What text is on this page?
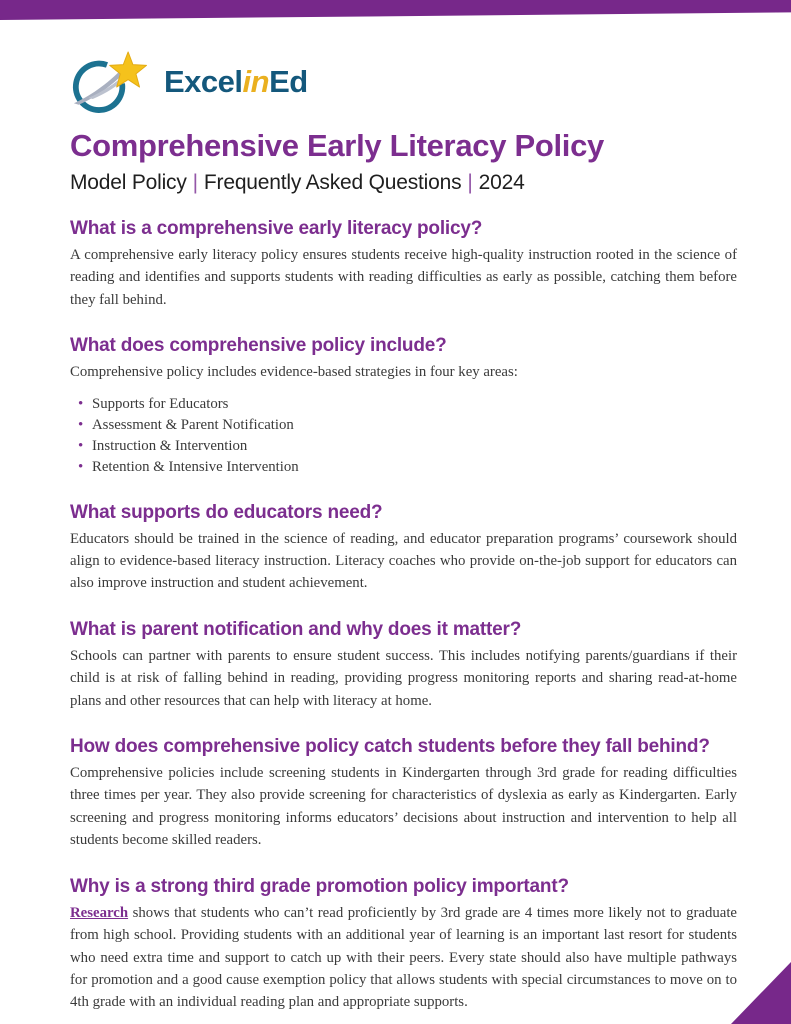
ExcelinEd
Comprehensive Early Literacy Policy
Model Policy | Frequently Asked Questions | 2024
What is a comprehensive early literacy policy?

A comprehensive early literacy policy ensures students receive high-quality instruction rooted in the science of reading and identifies and supports students with reading difficulties as early as possible, catching them before they fall behind.

What does comprehensive policy include?

Comprehensive policy includes evidence-based strategies in four key areas:

• Supports for Educators
• Assessment & Parent Notification
• Instruction & Intervention
• Retention & Intensive Intervention
What supports do educators need?

Educators should be trained in the science of reading, and educator preparation programs’ coursework should align to evidence-based literacy instruction. Literacy coaches who provide on-the-job support for educators can also improve instruction and student achievement.

What is parent notification and why does it matter?

Schools can partner with parents to ensure student success. This includes notifying parents/guardians if their child is at risk of falling behind in reading, providing progress monitoring reports and sharing read-at-home plans and other resources that can help with literacy at home.

How does comprehensive policy catch students before they fall behind?

Comprehensive policies include screening students in Kindergarten through 3rd grade for reading difficulties three times per year. They also provide screening for characteristics of dyslexia as early as Kindergarten. Early screening and progress monitoring informs educators’ decisions about instruction and intervention to help all students become skilled readers.

Why is a strong third grade promotion policy important?

Research shows that students who can’t read proficiently by 3rd grade are 4 times more likely not to graduate from high school. Providing students with an additional year of learning is an important last resort for students who need extra time and support to catch up with their peers. Every state should also have multiple pathways for promotion and a good cause exemption policy that allows students with special circumstances to move on to 4th grade with an individual reading plan and appropriate supports.
